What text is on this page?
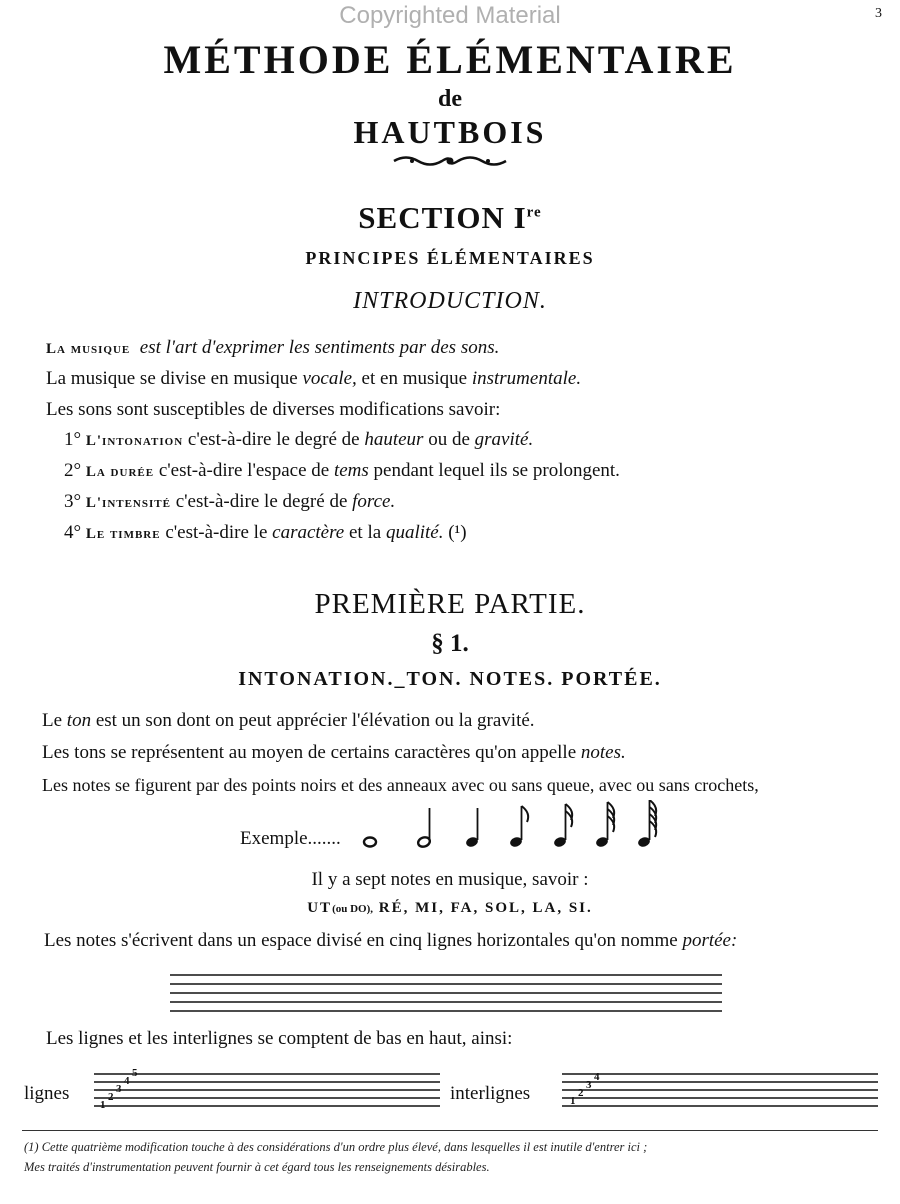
Copyrighted Material	3
MÉTHODE ÉLÉMENTAIRE
de
HAUTBOIS
SECTION Ire
PRINCIPES ÉLÉMENTAIRES
INTRODUCTION.
La musique est l'art d'exprimer les sentiments par des sons.
La musique se divise en musique vocale, et en musique instrumentale.
Les sons sont susceptibles de diverses modifications savoir:
1° L'intonation c'est-à-dire le degré de hauteur ou de gravité.
2° La durée c'est-à-dire l'espace de tems pendant lequel ils se prolongent.
3° L'intensité c'est-à-dire le degré de force.
4° Le timbre c'est-à-dire le caractère et la qualité. (¹)
PREMIÈRE PARTIE.
§ 1.
INTONATION._TON. NOTES. PORTÉE.
Le ton est un son dont on peut apprécier l'élévation ou la gravité.
Les tons se représentent au moyen de certains caractères qu'on appelle notes.
Les notes se figurent par des points noirs et des anneaux avec ou sans queue, avec ou sans crochets,
Exemple.......
Il y a sept notes en musique, savoir :
UT(ou DO), RÉ, MI, FA, SOL, LA, SI.
Les notes s'écrivent dans un espace divisé en cinq lignes horizontales qu'on nomme portée:
Les lignes et les interlignes se comptent de bas en haut, ainsi:
lignes
1
2
3
4
5
interlignes	1
2
3
4
(1) Cette quatrième modification touche à des considérations d'un ordre plus élevé, dans lesquelles il est inutile d'entrer ici ;
Mes traités d'instrumentation peuvent fournir à cet égard tous les renseignements désirables.
